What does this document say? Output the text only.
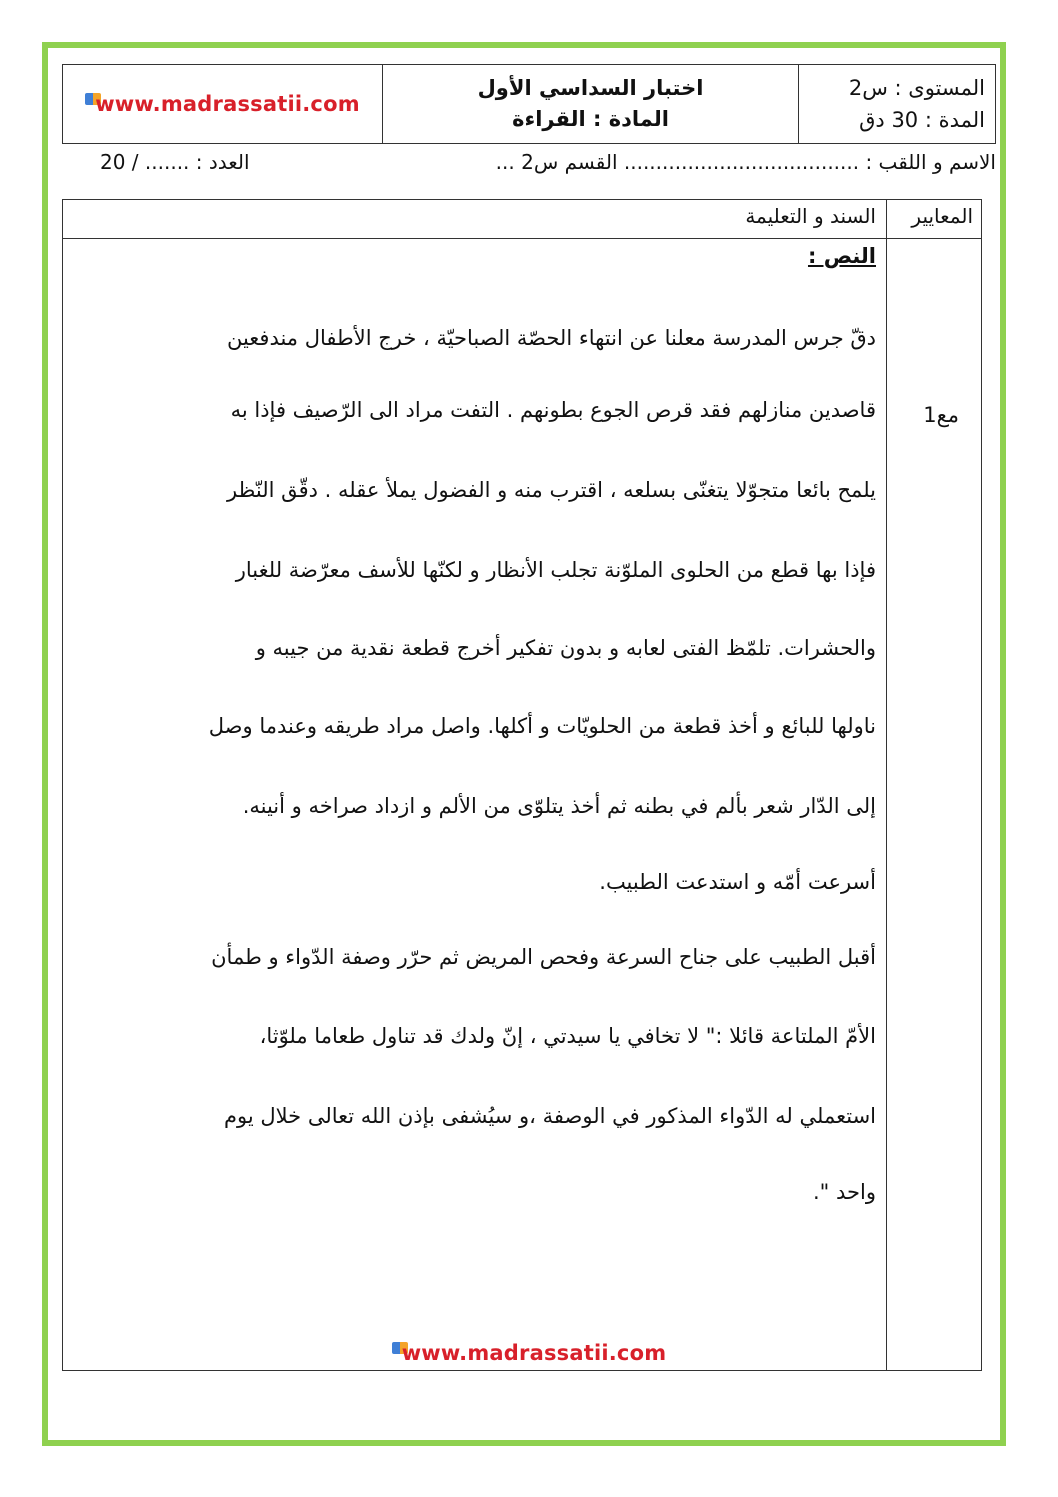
المستوى : س2
المدة : 30 دق
اختبار السداسي الأول
المادة : القراءة
www.madrassatii.com
الاسم و اللقب : ..................................... القسم س2 ...
العدد : ....... / 20
المعايير
السند و التعليمة
مع1
النص :
دقّ جرس المدرسة معلنا عن انتهاء الحصّة الصباحيّة ، خرج الأطفال مندفعين
قاصدين منازلهم فقد قرص الجوع بطونهم . التفت مراد الى الرّصيف فإذا به
يلمح بائعا متجوّلا يتغنّى بسلعه ، اقترب منه و الفضول يملأ عقله . دقّق النّظر
فإذا بها قطع من الحلوى الملوّنة تجلب الأنظار و لكنّها للأسف معرّضة للغبار
والحشرات. تلمّظ الفتى لعابه و بدون تفكير أخرج قطعة نقدية من جيبه و
ناولها للبائع و أخذ قطعة من الحلويّات و أكلها. واصل مراد طريقه وعندما وصل
إلى الدّار شعر بألم في بطنه ثم أخذ يتلوّى من الألم و ازداد صراخه و أنينه.
أسرعت أمّه و استدعت الطبيب.
أقبل الطبيب على جناح السرعة وفحص المريض ثم حرّر وصفة الدّواء و طمأن
الأمّ الملتاعة قائلا :" لا تخافي يا سيدتي ، إنّ ولدك قد تناول طعاما ملوّثا،
استعملي له الدّواء المذكور في الوصفة ،و سيُشفى بإذن الله تعالى خلال يوم
واحد ".
www.madrassatii.com
